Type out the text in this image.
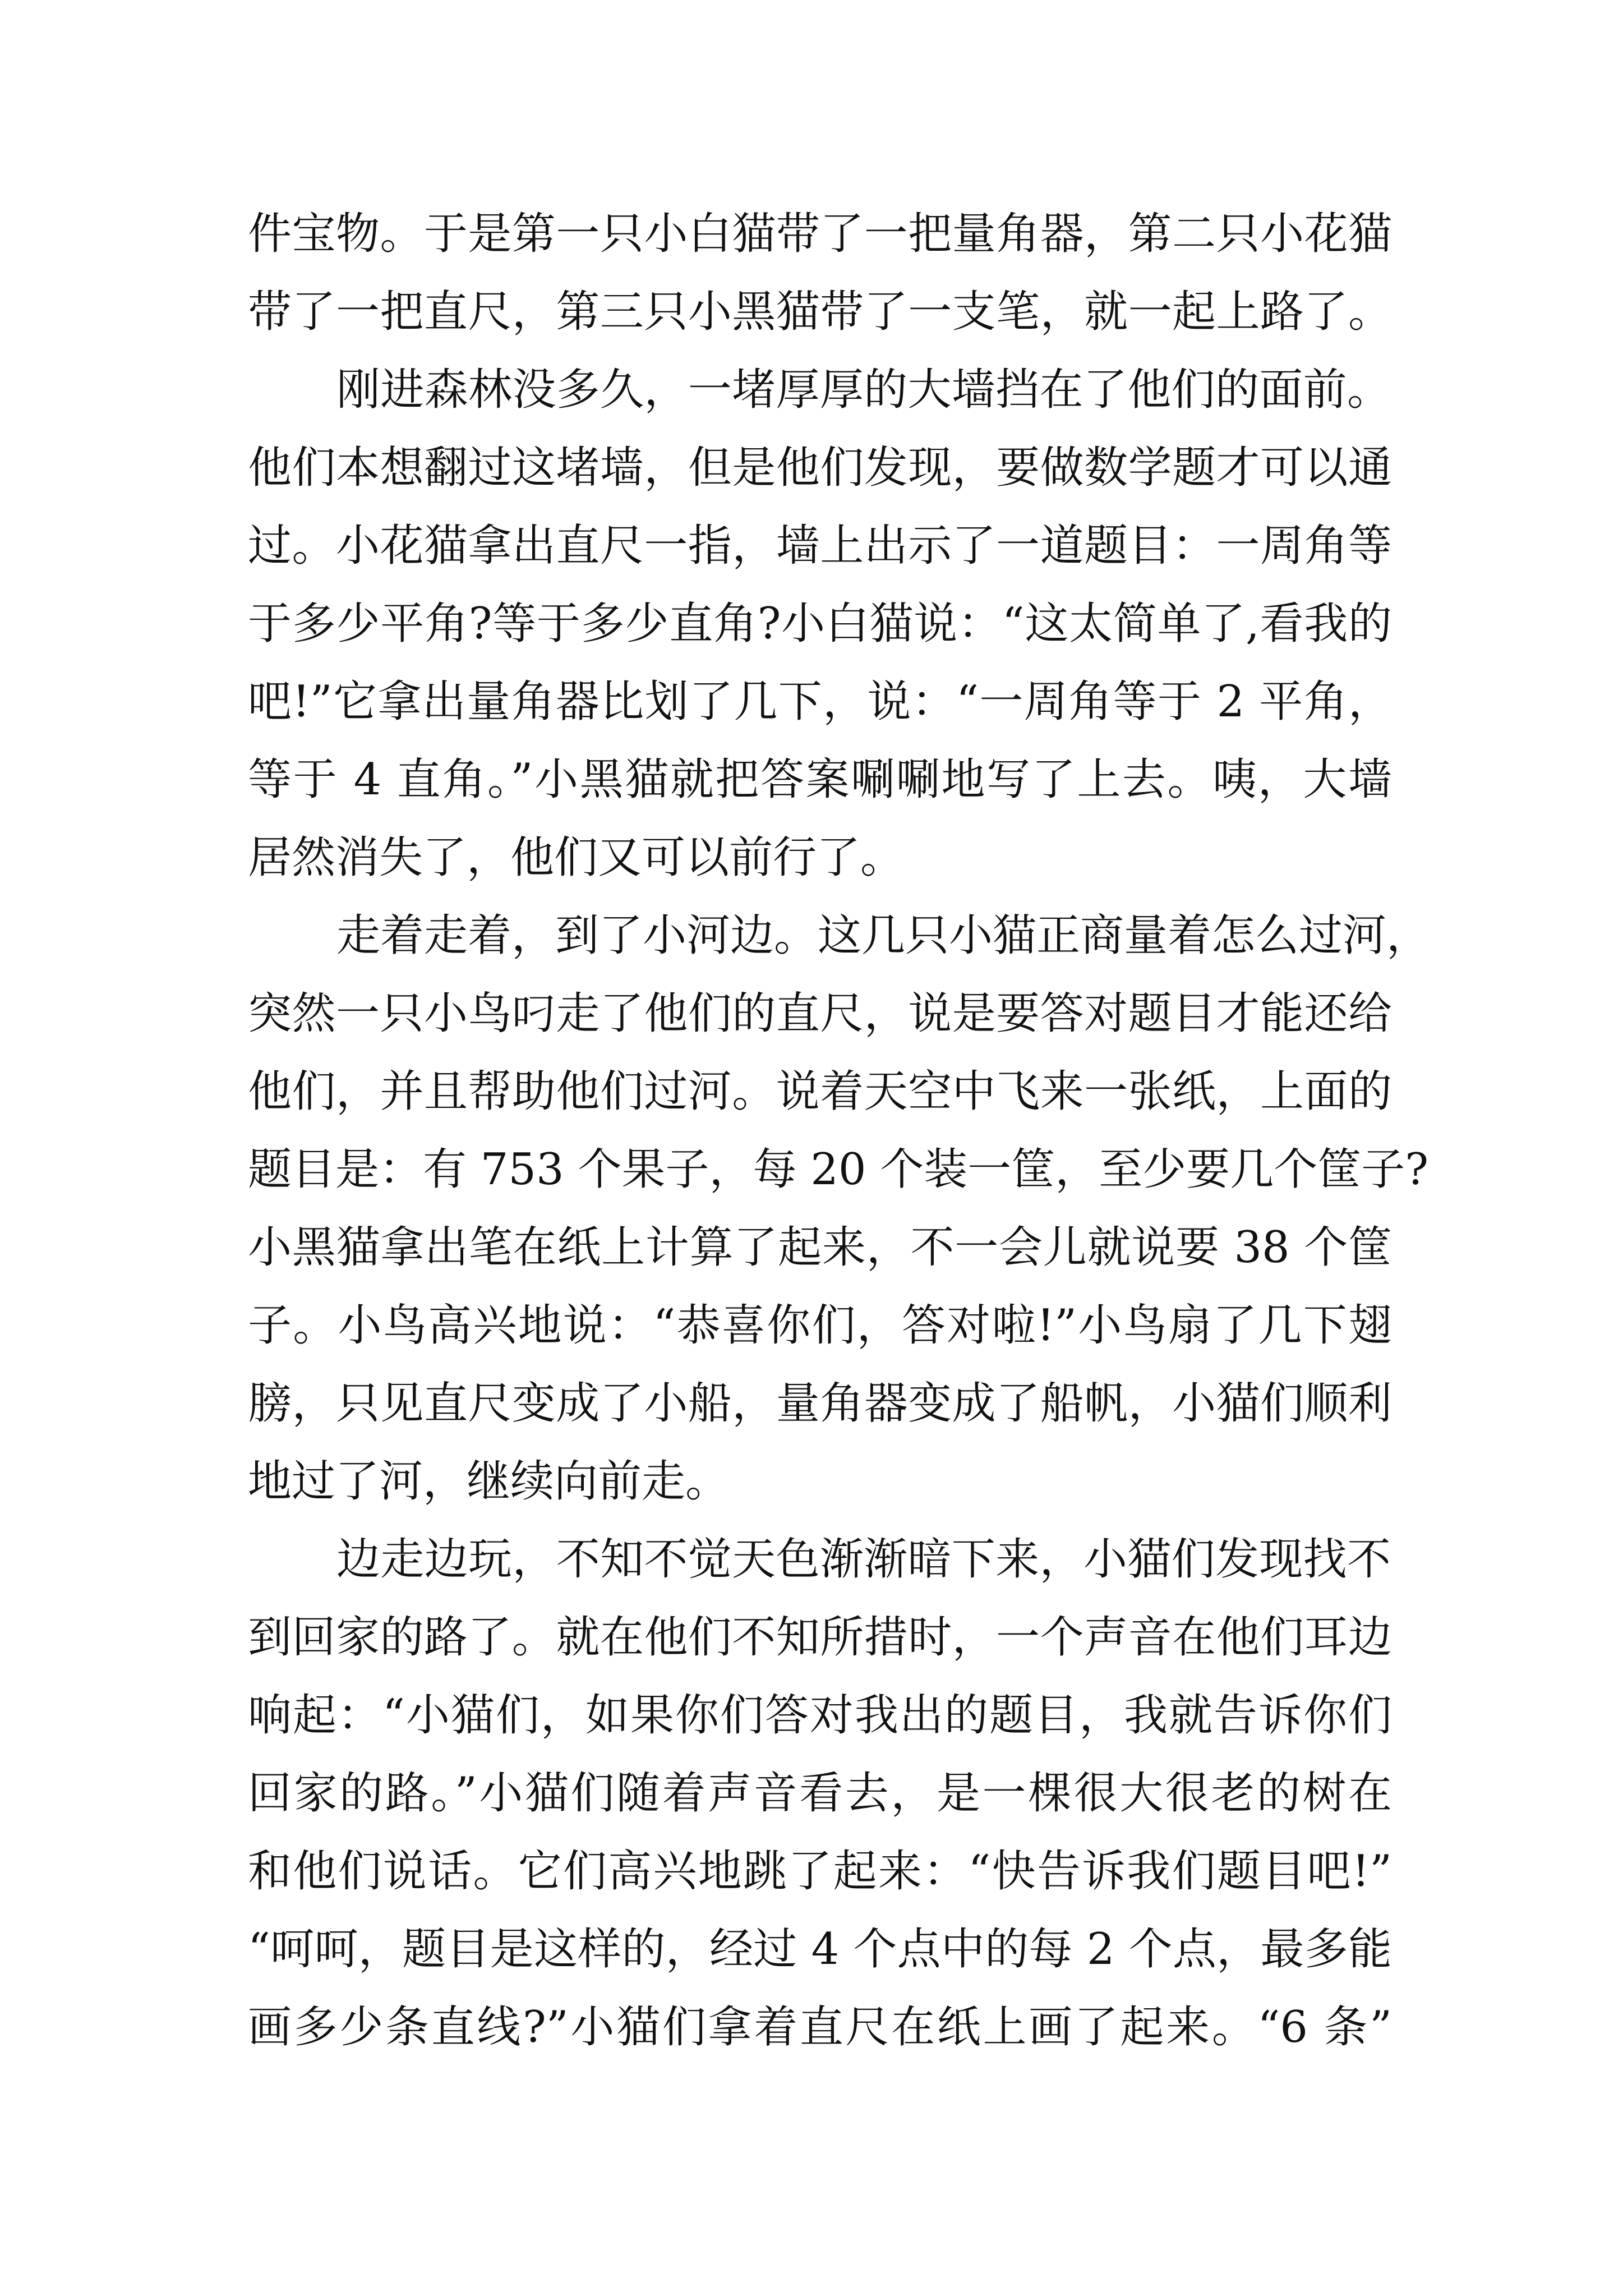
件宝物。于是第一只小白猫带了一把量角器，第二只小花猫
带了一把直尺，第三只小黑猫带了一支笔，就一起上路了。
刚进森林没多久，一堵厚厚的大墙挡在了他们的面前。
他们本想翻过这堵墙，但是他们发现，要做数学题才可以通
过。小花猫拿出直尺一指，墙上出示了一道题目：一周角等
于多少平角?等于多少直角?小白猫说：“这太简单了,看我的
吧!”它拿出量角器比划了几下，说：“一周角等于 2 平角，
等于 4 直角。”小黑猫就把答案唰唰地写了上去。咦，大墙
居然消失了，他们又可以前行了。
走着走着，到了小河边。这几只小猫正商量着怎么过河，
突然一只小鸟叼走了他们的直尺，说是要答对题目才能还给
他们，并且帮助他们过河。说着天空中飞来一张纸，上面的
题目是：有 753 个果子，每 20 个装一筐，至少要几个筐子?
小黑猫拿出笔在纸上计算了起来，不一会儿就说要 38 个筐
子。小鸟高兴地说：“恭喜你们，答对啦!”小鸟扇了几下翅
膀，只见直尺变成了小船，量角器变成了船帆，小猫们顺利
地过了河，继续向前走。
边走边玩，不知不觉天色渐渐暗下来，小猫们发现找不
到回家的路了。就在他们不知所措时，一个声音在他们耳边
响起：“小猫们，如果你们答对我出的题目，我就告诉你们
回家的路。”小猫们随着声音看去，是一棵很大很老的树在
和他们说话。它们高兴地跳了起来：“快告诉我们题目吧!”
“呵呵，题目是这样的，经过 4 个点中的每 2 个点，最多能
画多少条直线?”小猫们拿着直尺在纸上画了起来。“6 条”
